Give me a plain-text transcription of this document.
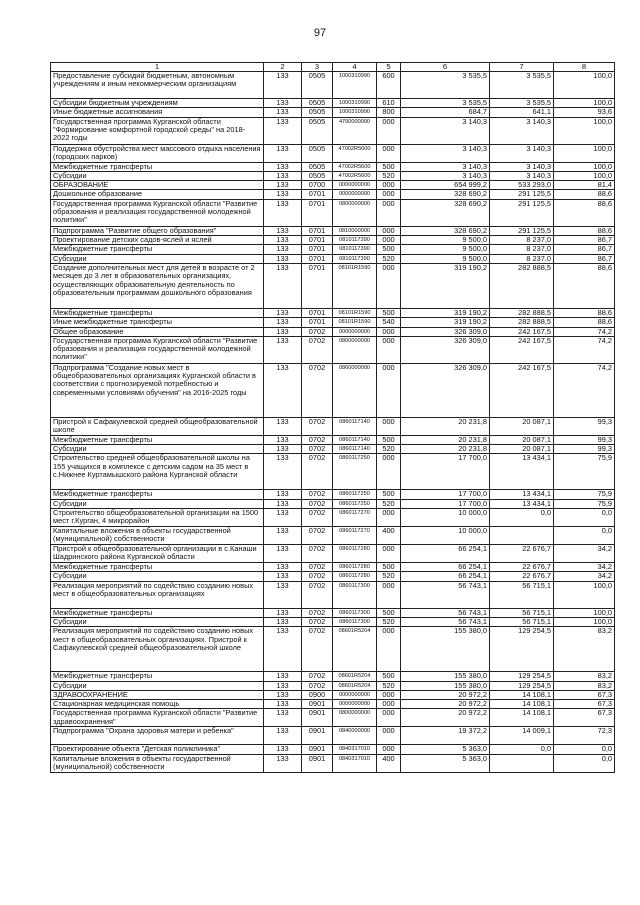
97
1	2	3	4	5	6	7	8
Предоставление субсидий бюджетным, автономным учреждениям и иным некоммерческим организациям	133	0505	1000310990	600	3 535,5	3 535,5	100,0
Субсидии бюджетным учреждениям	133	0505	1000310990	610	3 535,5	3 535,5	100,0
Иные бюджетные ассигнования	133	0505	1000310990	800	684,7	641,1	93,6
Государственная программа Курганской области "Формирование комфортной городской среды" на 2018-2022 годы	133	0505	4700000000	000	3 140,3	3 140,3	100,0
Поддержка обустройства мест массового отдыха населения (городских парков)	133	0505	47002R5600	000	3 140,3	3 140,3	100,0
Межбюджетные трансферты	133	0505	47002R5600	500	3 140,3	3 140,3	100,0
Субсидии	133	0505	47002R5600	520	3 140,3	3 140,3	100,0
ОБРАЗОВАНИЕ	133	0700	0000000000	000	654 999,2	533 293,0	81,4
Дошкольное образование	133	0701	0000000000	000	328 690,2	291 125,5	88,6
Государственная программа Курганской области "Развитие образования и реализация государственной молодежной политики"	133	0701	0800000000	000	328 690,2	291 125,5	88,6
Подпрограмма "Развитие общего образования"	133	0701	0810000000	000	328 690,2	291 125,5	88,6
Проектирование детских садов-яслей и яслей	133	0701	0810117390	000	9 500,0	8 237,0	86,7
Межбюджетные трансферты	133	0701	0810117390	500	9 500,0	8 237,0	86,7
Субсидии	133	0701	0810117390	520	9 500,0	8 237,0	86,7
Создание дополнительных мест для детей в возрасте от 2 месяцев до 3 лет в образовательных организациях, осуществляющих образовательную деятельность по образовательным программам дошкольного образования	133	0701	08101R1590	000	319 190,2	282 888,5	88,6
Межбюджетные трансферты	133	0701	08101R1590	500	319 190,2	282 888,5	88,6
Иные межбюджетные трансферты	133	0701	08101R1590	540	319 190,2	282 888,5	88,6
Общее образование	133	0702	0000000000	000	326 309,0	242 167,5	74,2
Государственная программа Курганской области "Развитие образования и реализация государственной молодежной политики"	133	0702	0800000000	000	326 309,0	242 167,5	74,2
Подпрограмма "Создание новых мест в общеобразовательных организациях Курганской области в соответствии с прогнозируемой потребностью и современными условиями обучения" на 2016-2025 годы	133	0702	0860000000	000	326 309,0	242 167,5	74,2
Пристрой к Сафакулевской средней общеобразовательной школе	133	0702	0860117140	000	20 231,8	20 087,1	99,3
Межбюджетные трансферты	133	0702	0860117140	500	20 231,8	20 087,1	99,3
Субсидии	133	0702	0860117140	520	20 231,8	20 087,1	99,3
Строительство средней общеобразовательной школы на 155 учащихся в комплексе с детским садом на 35 мест в с.Нижнее Куртамышского района Курганской области	133	0702	0860117250	000	17 700,0	13 434,1	75,9
Межбюджетные трансферты	133	0702	0860117250	500	17 700,0	13 434,1	75,9
Субсидии	133	0702	0860117250	520	17 700,0	13 434,1	75,9
Строительство общеобразовательной организации на 1500 мест г.Курган, 4 микрорайон	133	0702	0860117270	000	10 000,0	0,0	0,0
Капитальные вложения в объекты государственной (муниципальной) собственности	133	0702	0860117270	400	10 000,0		0,0
Пристрой к общеобразовательной организации в с.Канаши Шадринского района Курганской области	133	0702	0860117280	000	66 254,1	22 676,7	34,2
Межбюджетные трансферты	133	0702	0860117280	500	66 254,1	22 676,7	34,2
Субсидии	133	0702	0860117280	520	66 254,1	22 676,7	34,2
Реализация мероприятий по содействию созданию новых мест в общеобразовательных организациях	133	0702	0860117300	000	56 743,1	56 715,1	100,0
Межбюджетные трансферты	133	0702	0860117300	500	56 743,1	56 715,1	100,0
Субсидии	133	0702	0860117300	520	56 743,1	56 715,1	100,0
Реализация мероприятий по содействию созданию новых мест в общеобразовательных организациях. Пристрой к Сафакулевской средней общеобразовательной школе	133	0702	08601R5204	000	155 380,0	129 254,5	83,2
Межбюджетные трансферты	133	0702	08601R5204	500	155 380,0	129 254,5	83,2
Субсидии	133	0702	08601R5204	520	155 380,0	129 254,5	83,2
ЗДРАВООХРАНЕНИЕ	133	0900	0000000000	000	20 972,2	14 108,1	67,3
Стационарная медицинская помощь	133	0901	0000000000	000	20 972,2	14 108,1	67,3
Государственная программа Курганской области "Развитие здравоохранения"	133	0901	0800000000	000	20 972,2	14 108,1	67,3
Подпрограмма "Охрана здоровья матери и ребенка"	133	0901	0840000000	000	19 372,2	14 009,1	72,3
Проектирование объекта "Детская поликлиника"	133	0901	0840317010	000	5 363,0	0,0	0,0
Капитальные вложения в объекты государственной (муниципальной) собственности	133	0901	0840317010	400	5 363,0		0,0
